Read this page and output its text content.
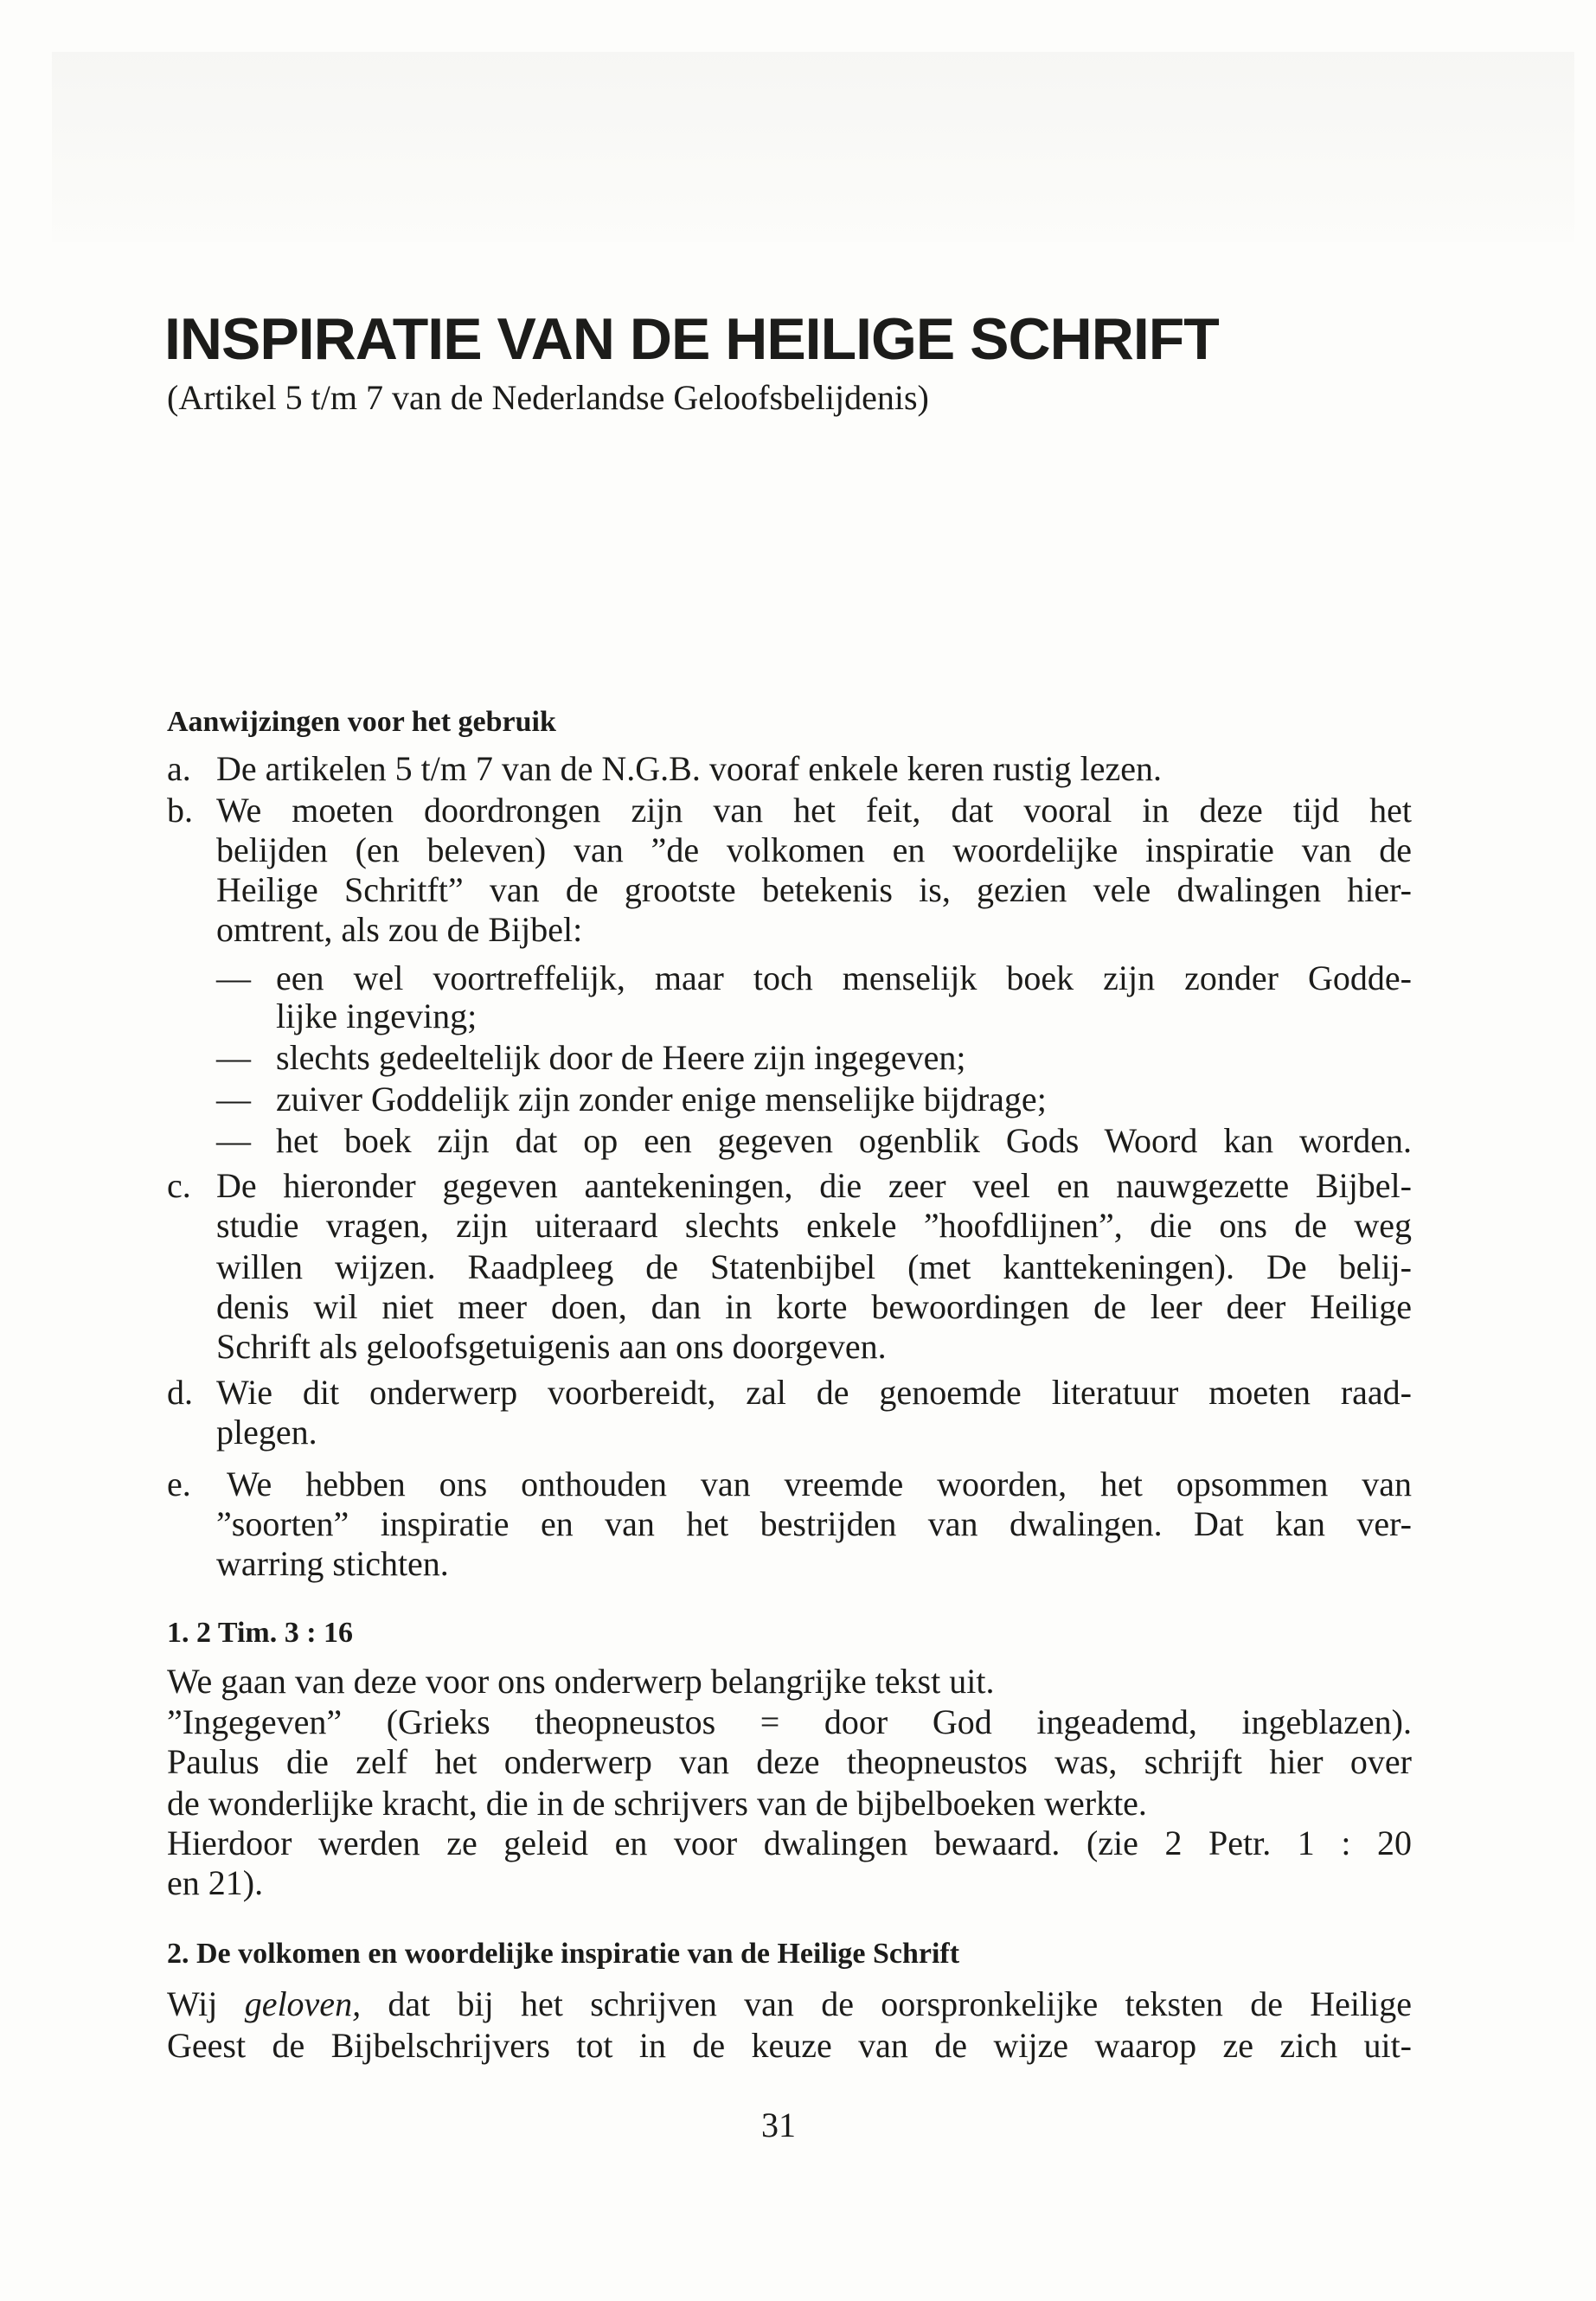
INSPIRATIE VAN DE HEILIGE SCHRIFT
(Artikel 5 t/m 7 van de Nederlandse Geloofsbelijdenis)
Aanwijzingen voor het gebruik
a. De artikelen 5 t/m 7 van de N.G.B. vooraf enkele keren rustig lezen.
b. We moeten doordrongen zijn van het feit, dat vooral in deze tijd het
belijden (en beleven) van ”de volkomen en woordelijke inspiratie van de
Heilige Schritft” van de grootste betekenis is, gezien vele dwalingen hier-
omtrent, als zou de Bijbel:
— een wel voortreffelijk, maar toch menselijk boek zijn zonder Godde-
lijke ingeving;
— slechts gedeeltelijk door de Heere zijn ingegeven;
— zuiver Goddelijk zijn zonder enige menselijke bijdrage;
— het boek zijn dat op een gegeven ogenblik Gods Woord kan worden.
c. De hieronder gegeven aantekeningen, die zeer veel en nauwgezette Bijbel-
studie vragen, zijn uiteraard slechts enkele ”hoofdlijnen”, die ons de weg
willen wijzen. Raadpleeg de Statenbijbel (met kanttekeningen). De belij-
denis wil niet meer doen, dan in korte bewoordingen de leer deer Heilige
Schrift als geloofsgetuigenis aan ons doorgeven.
d. Wie dit onderwerp voorbereidt, zal de genoemde literatuur moeten raad-
plegen.
e. We hebben ons onthouden van vreemde woorden, het opsommen van
”soorten” inspiratie en van het bestrijden van dwalingen. Dat kan ver-
warring stichten.
1. 2 Tim. 3 : 16
We gaan van deze voor ons onderwerp belangrijke tekst uit.
”Ingegeven” (Grieks theopneustos = door God ingeademd, ingeblazen).
Paulus die zelf het onderwerp van deze theopneustos was, schrijft hier over
de wonderlijke kracht, die in de schrijvers van de bijbelboeken werkte.
Hierdoor werden ze geleid en voor dwalingen bewaard. (zie 2 Petr. 1 : 20
en 21).
2. De volkomen en woordelijke inspiratie van de Heilige Schrift
Wij geloven, dat bij het schrijven van de oorspronkelijke teksten de Heilige
Geest de Bijbelschrijvers tot in de keuze van de wijze waarop ze zich uit-
31
